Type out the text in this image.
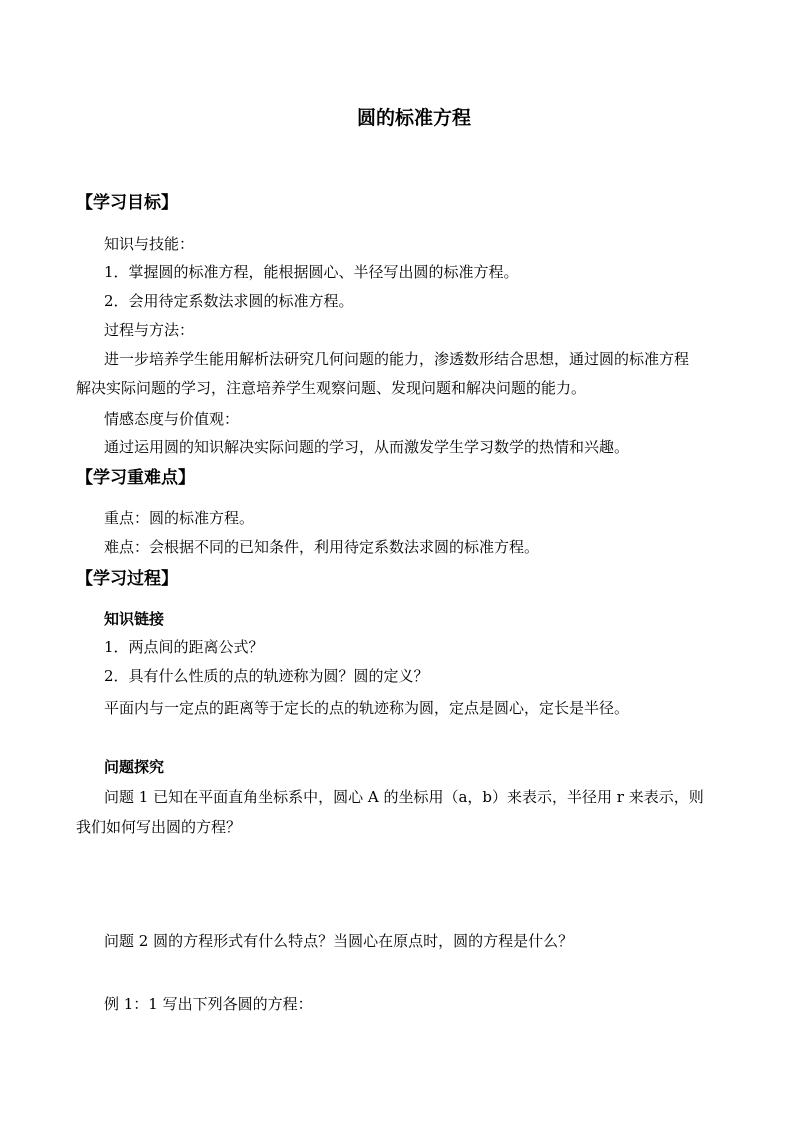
圆的标准方程
【学习目标】
知识与技能：
1．掌握圆的标准方程，能根据圆心、半径写出圆的标准方程。
2．会用待定系数法求圆的标准方程。
过程与方法：
进一步培养学生能用解析法研究几何问题的能力，渗透数形结合思想，通过圆的标准方程
解决实际问题的学习，注意培养学生观察问题、发现问题和解决问题的能力。
情感态度与价值观：
通过运用圆的知识解决实际问题的学习，从而激发学生学习数学的热情和兴趣。
【学习重难点】
重点：圆的标准方程。
难点：会根据不同的已知条件，利用待定系数法求圆的标准方程。
【学习过程】
知识链接
1．两点间的距离公式？
2．具有什么性质的点的轨迹称为圆？圆的定义？
平面内与一定点的距离等于定长的点的轨迹称为圆，定点是圆心，定长是半径。
问题探究
问题 1 已知在平面直角坐标系中，圆心 A 的坐标用（a，b）来表示，半径用 r 来表示，则
我们如何写出圆的方程？
问题 2 圆的方程形式有什么特点？当圆心在原点时，圆的方程是什么？
例 1：1 写出下列各圆的方程：
